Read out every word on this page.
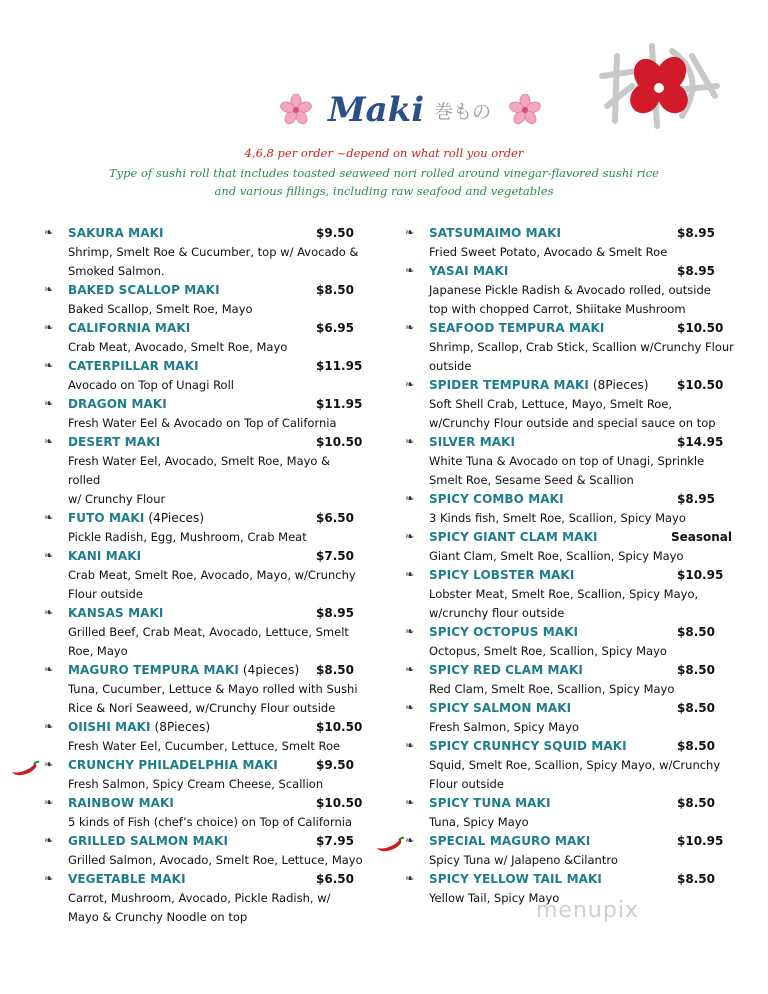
Maki 巻もの
4,6,8 per order ~depend on what roll you order
Type of sushi roll that includes toasted seaweed nori rolled around vinegar-flavored sushi rice
and various fillings, including raw seafood and vegetables
❧	SAKURA MAKI	$9.50
Shrimp, Smelt Roe & Cucumber, top w/ Avocado &
Smoked Salmon.
❧	BAKED SCALLOP MAKI	$8.50
Baked Scallop, Smelt Roe, Mayo
❧	CALIFORNIA MAKI	$6.95
Crab Meat, Avocado, Smelt Roe, Mayo
❧	CATERPILLAR MAKI	$11.95
Avocado on Top of Unagi Roll
❧	DRAGON MAKI	$11.95
Fresh Water Eel & Avocado on Top of California
❧	DESERT MAKI	$10.50
Fresh Water Eel, Avocado, Smelt Roe, Mayo & rolled
w/ Crunchy Flour
❧	FUTO MAKI (4Pieces)	$6.50
Pickle Radish, Egg, Mushroom, Crab Meat
❧	KANI MAKI	$7.50
Crab Meat, Smelt Roe, Avocado, Mayo, w/Crunchy
Flour outside
❧	KANSAS MAKI	$8.95
Grilled Beef, Crab Meat, Avocado, Lettuce, Smelt
Roe, Mayo
❧	MAGURO TEMPURA MAKI (4pieces) $8.50
Tuna, Cucumber, Lettuce & Mayo rolled with Sushi
Rice & Nori Seaweed, w/Crunchy Flour outside
❧	OIISHI MAKI (8Pieces)	$10.50
Fresh Water Eel, Cucumber, Lettuce, Smelt Roe
❧	CRUNCHY PHILADELPHIA MAKI	$9.50
Fresh Salmon, Spicy Cream Cheese, Scallion
❧	RAINBOW MAKI	$10.50
5 kinds of Fish (chef’s choice) on Top of California
❧	GRILLED SALMON MAKI	$7.95
Grilled Salmon, Avocado, Smelt Roe, Lettuce, Mayo
❧	VEGETABLE MAKI	$6.50
Carrot, Mushroom, Avocado, Pickle Radish, w/
Mayo & Crunchy Noodle on top
❧	SATSUMAIMO MAKI	$8.95
Fried Sweet Potato, Avocado & Smelt Roe
❧	YASAI MAKI	$8.95
Japanese Pickle Radish & Avocado rolled, outside
top with chopped Carrot, Shiitake Mushroom
❧	SEAFOOD TEMPURA MAKI	$10.50
Shrimp, Scallop, Crab Stick, Scallion w/Crunchy Flour
outside
❧	SPIDER TEMPURA MAKI (8Pieces) $10.50
Soft Shell Crab, Lettuce, Mayo, Smelt Roe,
w/Crunchy Flour outside and special sauce on top
❧	SILVER MAKI	$14.95
White Tuna & Avocado on top of Unagi, Sprinkle
Smelt Roe, Sesame Seed & Scallion
❧	SPICY COMBO MAKI	$8.95
3 Kinds fish, Smelt Roe, Scallion, Spicy Mayo
❧	SPICY GIANT CLAM MAKI	Seasonal
Giant Clam, Smelt Roe, Scallion, Spicy Mayo
❧	SPICY LOBSTER MAKI	$10.95
Lobster Meat, Smelt Roe, Scallion, Spicy Mayo,
w/crunchy flour outside
❧	SPICY OCTOPUS MAKI	$8.50
Octopus, Smelt Roe, Scallion, Spicy Mayo
❧	SPICY RED CLAM MAKI	$8.50
Red Clam, Smelt Roe, Scallion, Spicy Mayo
❧	SPICY SALMON MAKI	$8.50
Fresh Salmon, Spicy Mayo
❧	SPICY CRUNHCY SQUID MAKI	$8.50
Squid, Smelt Roe, Scallion, Spicy Mayo, w/Crunchy
Flour outside
❧	SPICY TUNA MAKI	$8.50
Tuna, Spicy Mayo
❧	SPECIAL MAGURO MAKI	$10.95
Spicy Tuna w/ Jalapeno &Cilantro
❧	SPICY YELLOW TAIL MAKI	$8.50
Yellow Tail, Spicy Mayo
menupix
